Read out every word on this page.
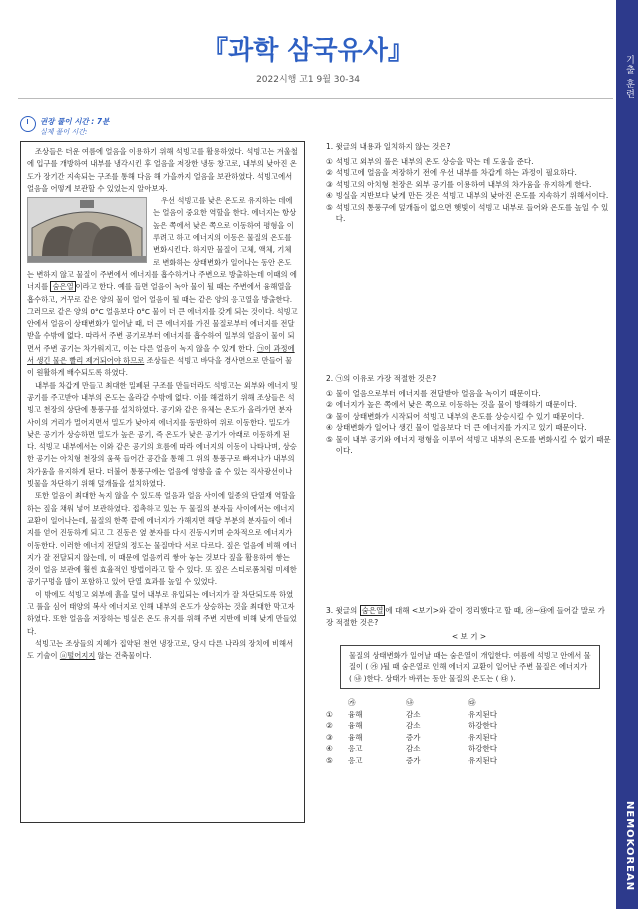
기출 훈련
NEMOKOREAN
『과학 삼국유사』
2022시행 고1 9월 30-34
권장 풀이 시간 : 7분
실제 풀이 시간:

조상들은 더운 여름에 얼음을 이용하기 위해 석빙고를 활용하였다. 석빙고는 겨울철에 입구를 개방하여 내부를 냉각시킨 후 얼음을 저장한 냉동 창고로, 내부의 낮아진 온도가 장기간 지속되는 구조를 통해 다음 해 가을까지 얼음을 보관하였다. 석빙고에서 얼음을 어떻게 보관할 수 있었는지 알아보자.

우선 석빙고를 낮은 온도로 유지하는 데에는 얼음이 중요한 역할을 한다. 에너지는 항상 높은 쪽에서 낮은 쪽으로 이동하여 평형을 이루려고 하고 에너지의 이동은 물질의 온도를 변화시킨다. 하지만 물질이 고체, 액체, 기체로 변화하는 상태변화가 일어나는 동안 온도는 변하지 않고 물질이 주변에서 에너지를 흡수하거나 주변으로 방출하는데 이때의 에너지를 숨은열 이라고 한다. 예를 들면 얼음이 녹아 물이 될 때는 주변에서 융해열을 흡수하고, 거꾸로 같은 양의 물이 얼어 얼음이 될 때는 같은 양의 응고열을 방출한다. 그러므로 같은 양의 0°C 얼음보다 0°C 물이 더 큰 에너지를 갖게 되는 것이다. 석빙고 안에서 얼음이 상태변화가 일어날 때, 더 큰 에너지를 가진 물질로부터 에너지를 전달받을 수밖에 없다. 따라서 주변 공기로부터 에너지를 흡수하여 일부의 얼음이 물이 되면서 주변 공기는 차가워지고, 이는 다른 얼음이 녹지 않을 수 있게 한다. ㉠이 과정에서 생긴 물은 빨리 제거되어야 하므로 조상들은 석빙고 바닥을 경사면으로 만들어 물이 원활하게 배수되도록 하였다.

내부를 차갑게 만들고 최대한 밀폐된 구조를 만들더라도 석빙고는 외부와 에너지 및 공기를 주고받아 내부의 온도는 올라갈 수밖에 없다. 이를 해결하기 위해 조상들은 석빙고 천장의 상단에 통풍구를 설치하였다. 공기와 같은 유체는 온도가 올라가면 분자 사이의 거리가 멀어지면서 밀도가 낮아져 에너지를 동반하여 위로 이동한다. 밀도가 낮은 공기가 상승하면 밀도가 높은 공기, 즉 온도가 낮은 공기가 아래로 이동하게 된다. 석빙고 내부에서는 이와 같은 공기의 흐름에 따라 에너지의 이동이 나타나며, 상승한 공기는 아치형 천장의 움푹 들어간 공간을 통해 그 위의 통풍구로 빠져나가 내부의 차가움을 유지하게 된다. 더불어 통풍구에는 얼음에 영향을 줄 수 있는 직사광선이나 빗물을 차단하기 위해 덮개돌을 설치하였다.

또한 얼음이 최대한 녹지 않을 수 있도록 얼음과 얼음 사이에 일종의 단열재 역할을 하는 짚을 채워 넣어 보관하였다. 접촉하고 있는 두 물질의 분자들 사이에서는 에너지 교환이 일어나는데, 물질의 한쪽 끝에 에너지가 가해지면 해당 부분의 분자들이 에너지를 얻어 진동하게 되고 그 진동은 옆 분자를 다시 진동시키며 순차적으로 에너지가 이동한다. 이러한 에너지 전달의 정도는 물질마다 서로 다르다. 짚은 얼음에 비해 에너지가 잘 전달되지 않는데, 이 때문에 얼음끼리 쌓아 놓는 것보다 짚을 활용하여 쌓는 것이 얼음 보관에 훨씬 효율적인 방법이라고 할 수 있다. 또 짚은 스티로폼처럼 미세한 공기구멍을 많이 포함하고 있어 단열 효과를 높일 수 있었다.

이 밖에도 석빙고 외부에 흙을 덮어 내부로 유입되는 에너지가 잘 차단되도록 하였고 풀을 심어 태양의 복사 에너지로 인해 내부의 온도가 상승하는 것을 최대한 막고자 하였다. 또한 얼음을 저장하는 빙실은 온도 유지를 위해 주변 지반에 비해 낮게 만들었다.

석빙고는 조상들의 지혜가 집약된 천연 냉장고로, 당시 다른 나라의 장치에 비해서도 기술이 ⓐ떨어지지 않는 건축물이다.

1. 윗글의 내용과 일치하지 않는 것은?
① 석빙고 외부의 풀은 내부의 온도 상승을 막는 데 도움을 준다.
② 석빙고에 얼음을 저장하기 전에 우선 내부를 차갑게 하는 과정이 필요하다.
③ 석빙고의 아치형 천장은 외부 공기를 이용하여 내부의 차가움을 유지하게 한다.
④ 빙실을 지반보다 낮게 만든 것은 석빙고 내부의 낮아진 온도를 지속하기 위해서이다.
⑤ 석빙고의 통풍구에 덮개돌이 없으면 햇빛이 석빙고 내부로 들어와 온도를 높일 수 있다.
2. ㉠의 이유로 가장 적절한 것은?
① 물이 얼음으로부터 에너지를 전달받아 얼음을 녹이기 때문이다.
② 에너지가 높은 쪽에서 낮은 쪽으로 이동하는 것을 물이 방해하기 때문이다.
③ 물이 상태변화가 시작되어 석빙고 내부의 온도를 상승시킬 수 있기 때문이다.
④ 상태변화가 일어나 생긴 물이 얼음보다 더 큰 에너지를 가지고 있기 때문이다.
⑤ 물이 내부 공기와 에너지 평형을 이루어 석빙고 내부의 온도를 변화시킬 수 없기 때문이다.
3. 윗글의 숨은열 에 대해 <보기>와 같이 정리했다고 할 때, ㉮~㉰에 들어갈 말로 가장 적절한 것은?
< 보 기 >
물질의 상태변화가 일어날 때는 숨은열이 개입한다. 여름에 석빙고 안에서 물질이 ( ㉮ )될 때 숨은열로 인해 에너지 교환이 일어난 주변 물질은 에너지가 ( ㉯ )한다. 상태가 바뀌는 동안 물질의 온도는 ( ㉰ ).
	㉮	㉯	㉰
①	융해	감소	유지된다
②	융해	감소	하강한다
③	융해	증가	유지된다
④	응고	감소	하강한다
⑤	응고	증가	유지된다
